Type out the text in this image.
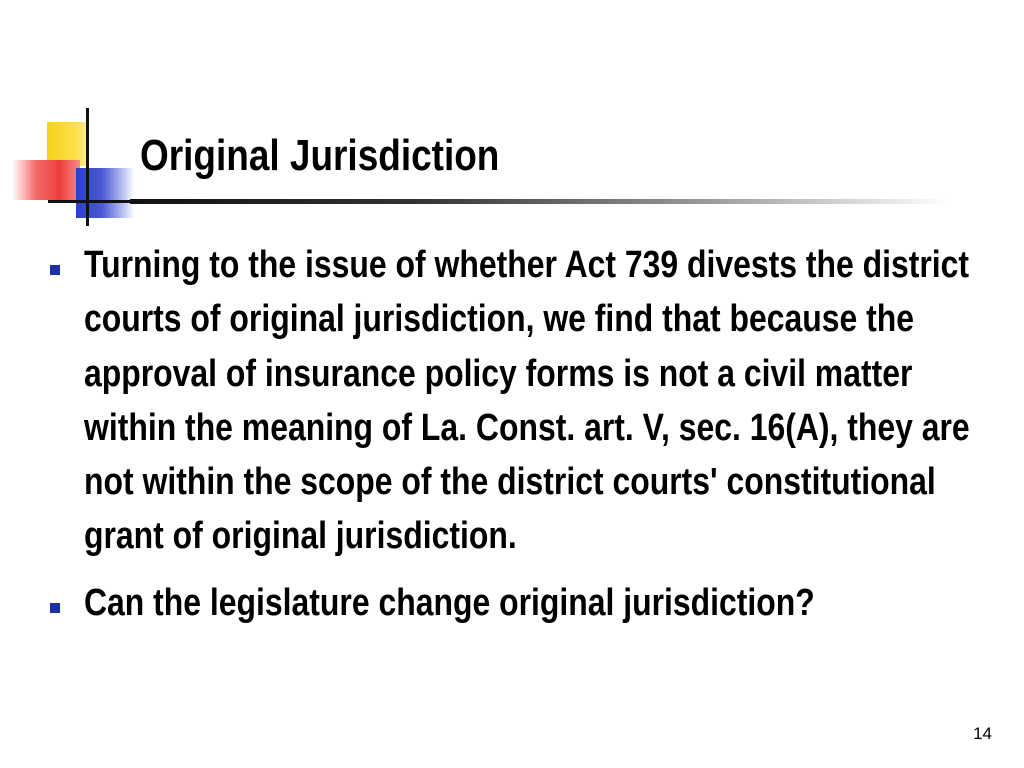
Original Jurisdiction
Turning to the issue of whether Act 739 divests the district courts of original jurisdiction, we find that because the approval of insurance policy forms is not a civil matter within the meaning of La. Const. art. V, sec. 16(A), they are not within the scope of the district courts' constitutional grant of original jurisdiction.
Can the legislature change original jurisdiction?
14
